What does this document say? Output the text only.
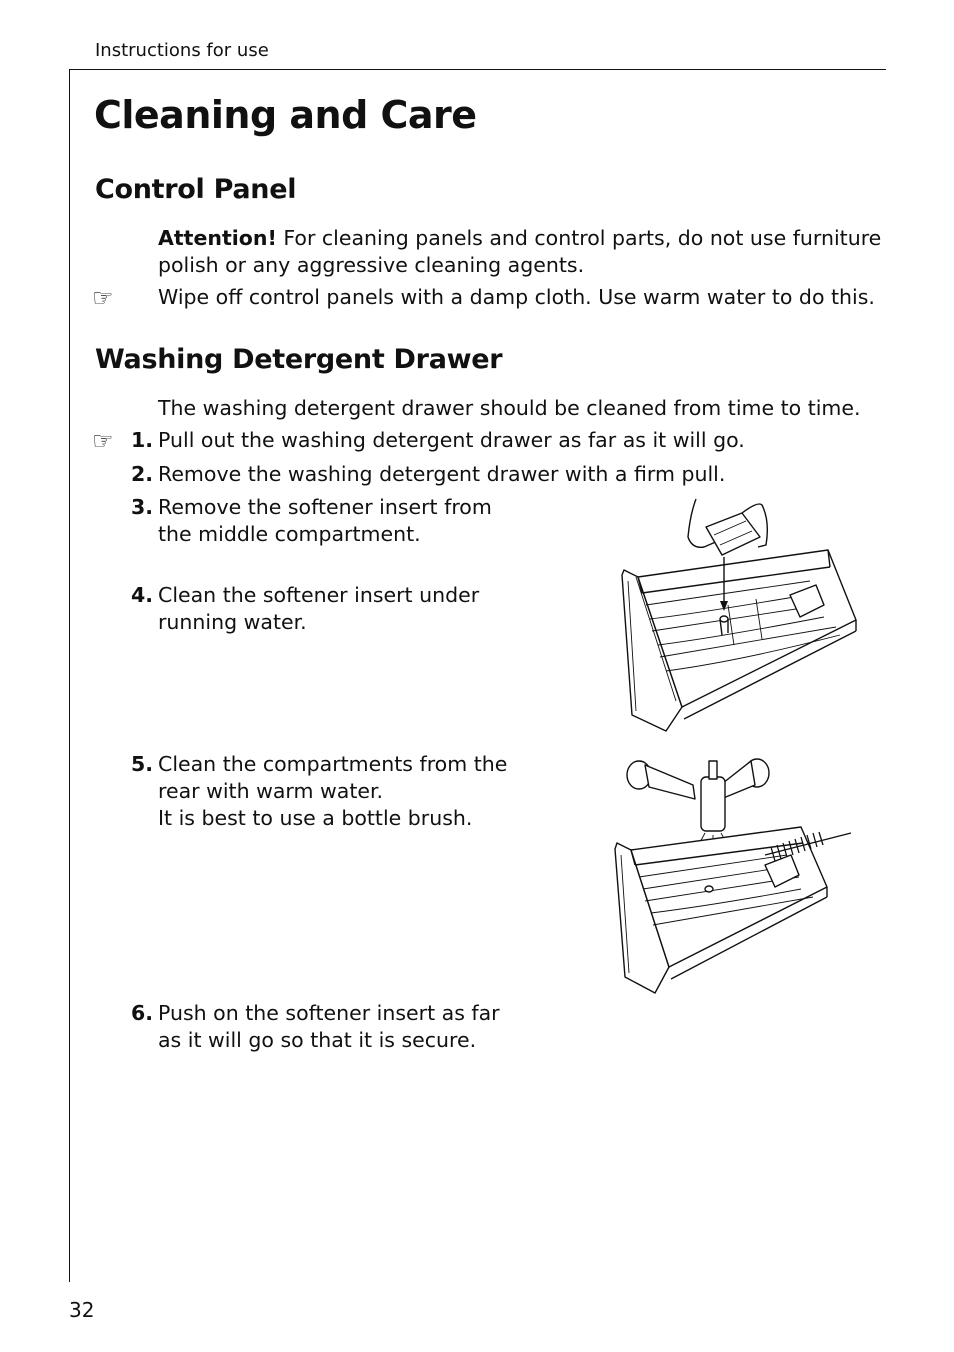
Instructions for use
Cleaning and Care
Control Panel
Attention! For cleaning panels and control parts, do not use furniture
polish or any aggressive cleaning agents.
☞ Wipe off control panels with a damp cloth. Use warm water to do this.
Washing Detergent Drawer
The washing detergent drawer should be cleaned from time to time.
☞ 1. Pull out the washing detergent drawer as far as it will go.
2. Remove the washing detergent drawer with a firm pull.
3. Remove the softener insert from
the middle compartment.
4. Clean the softener insert under
running water.
5. Clean the compartments from the
rear with warm water.
It is best to use a bottle brush.
6. Push on the softener insert as far
as it will go so that it is secure.
32
